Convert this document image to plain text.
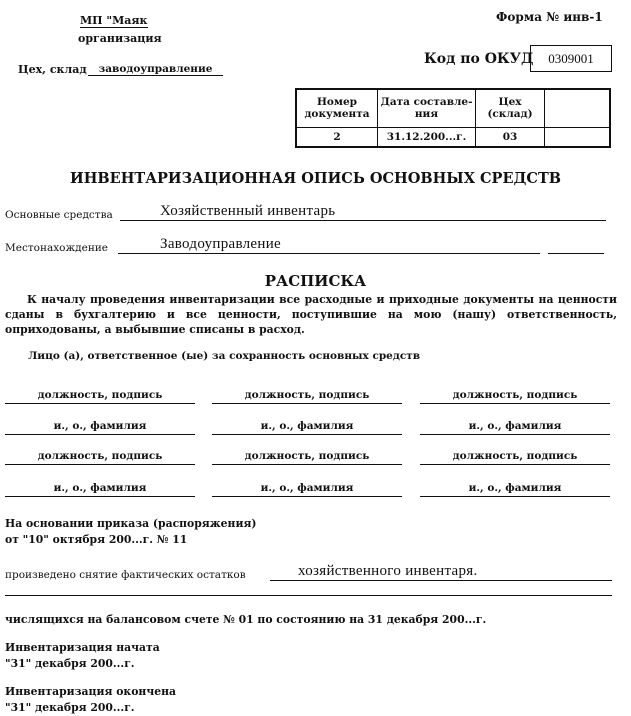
МП "Маяк
организация
Форма № инв-1
Цех, склад	заводоуправление
Код по ОКУД	0309001
Номер документа	Дата составле-ния	Цех (склад)	
2	31.12.200...г.	03	
ИНВЕНТАРИЗАЦИОННАЯ ОПИСЬ ОСНОВНЫХ СРЕДСТВ
Основные средства	Хозяйственный инвентарь
Местонахождение	Заводоуправление
РАСПИСКА
К началу проведения инвентаризации все расходные и приходные документы на ценности сданы в бухгалтерию и все ценности, поступившие на мою (нашу) ответственность, оприходованы, а выбывшие списаны в расход.
Лицо (а), ответственное (ые) за сохранность основных средств
должность, подпись	должность, подпись	должность, подпись
и., о., фамилия	и., о., фамилия	и., о., фамилия
должность, подпись	должность, подпись	должность, подпись
и., о., фамилия	и., о., фамилия	и., о., фамилия
На основании приказа (распоряжения)
от "10" октября 200...г. № 11
произведено снятие фактических остатков	хозяйственного инвентаря.
числящихся на балансовом счете № 01 по состоянию на 31 декабря 200...г.
Инвентаризация начата
"31" декабря 200...г.
Инвентаризация окончена
"31" декабря 200...г.
